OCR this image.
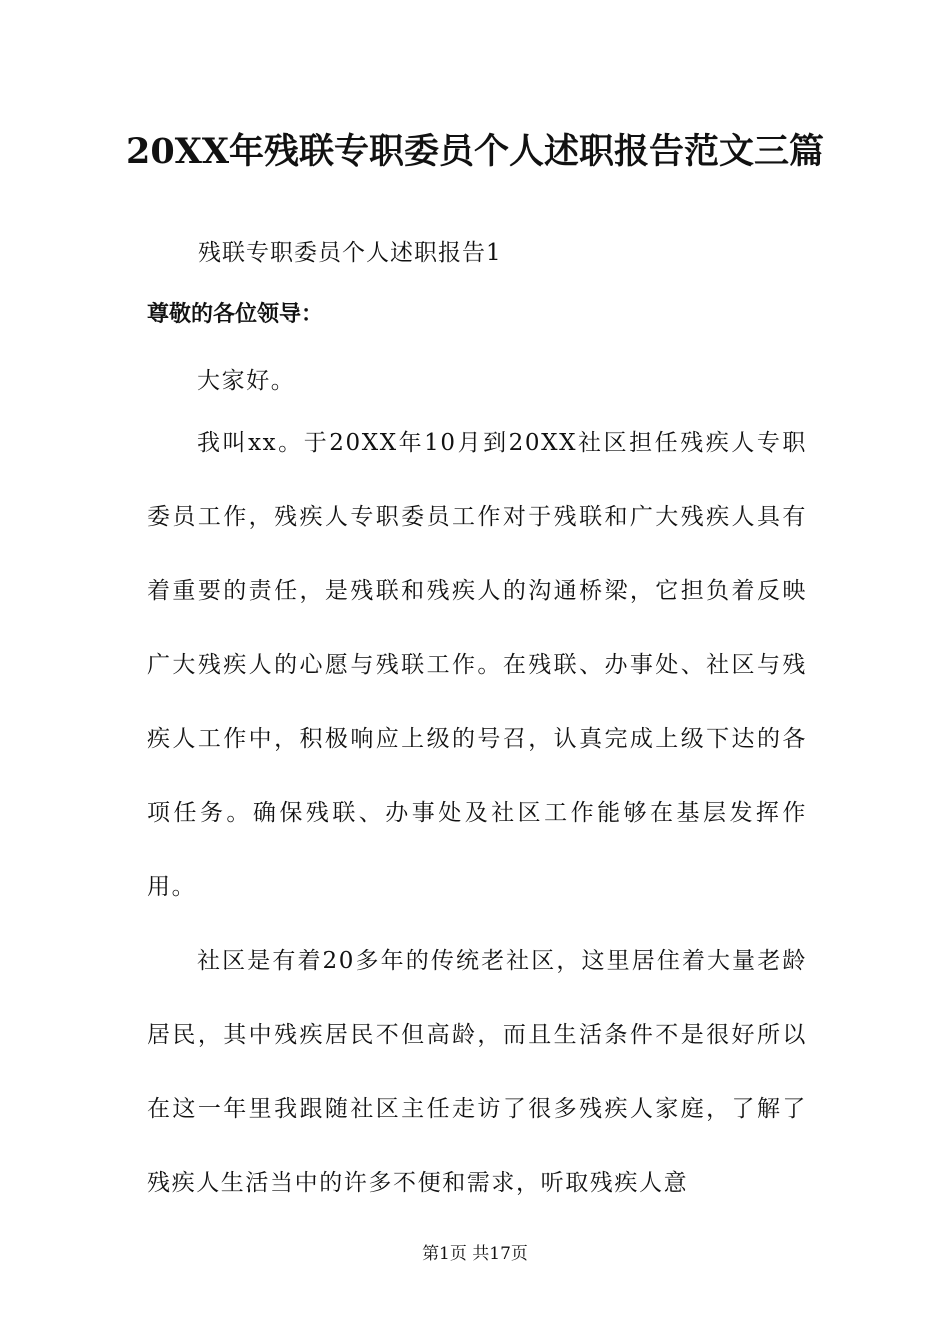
20XX年残联专职委员个人述职报告范文三篇

残联专职委员个人述职报告1

尊敬的各位领导：

大家好。

我叫xx。于20XX年10月到20XX社区担任残疾人专职委员工作，残疾人专职委员工作对于残联和广大残疾人具有着重要的责任，是残联和残疾人的沟通桥梁，它担负着反映广大残疾人的心愿与残联工作。在残联、办事处、社区与残疾人工作中，积极响应上级的号召，认真完成上级下达的各项任务。确保残联、办事处及社区工作能够在基层发挥作用。

社区是有着20多年的传统老社区，这里居住着大量老龄居民，其中残疾居民不但高龄，而且生活条件不是很好所以在这一年里我跟随社区主任走访了很多残疾人家庭，了解了残疾人生活当中的许多不便和需求，听取残疾人意

第1页 共17页
